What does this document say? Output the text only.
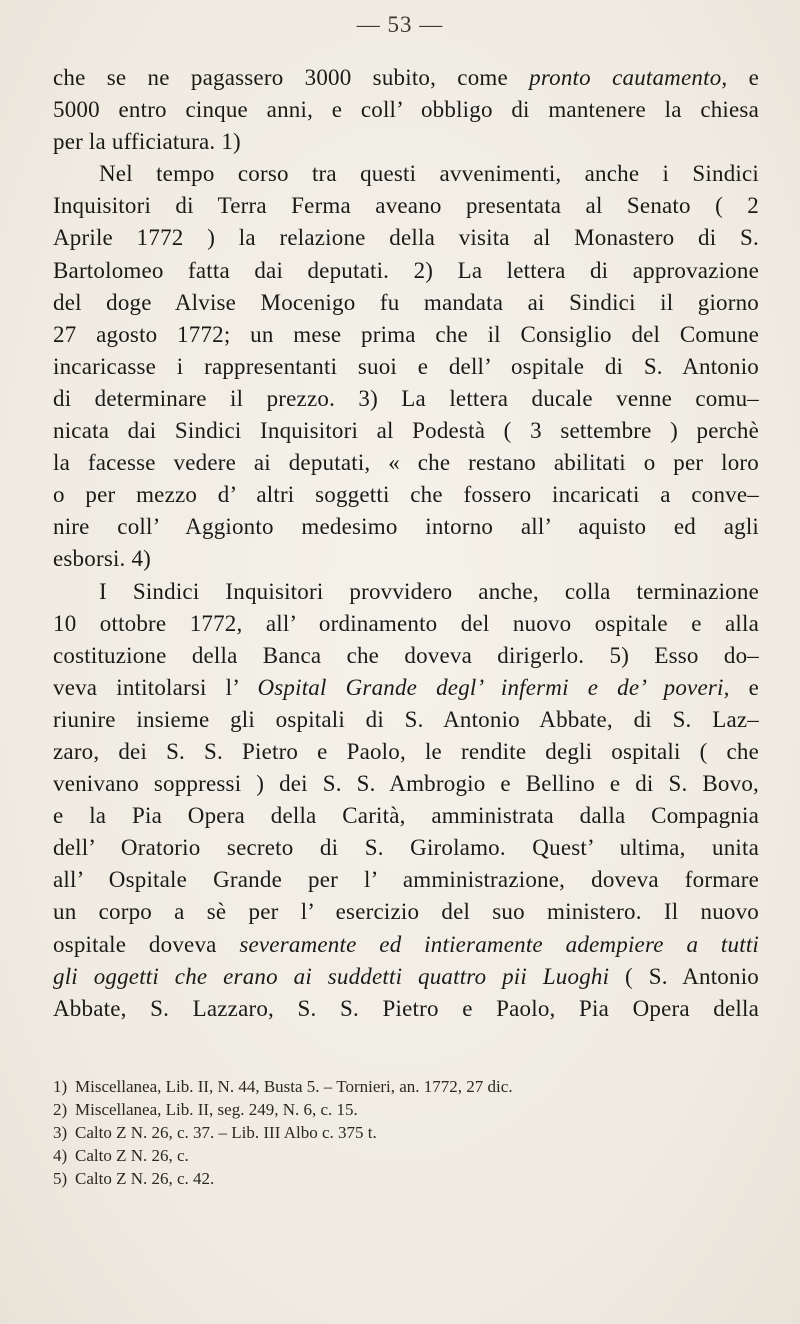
— 53 —
che se ne pagassero 3000 subito, come pronto cautamento, e
5000 entro cinque anni, e coll’ obbligo di mantenere la chiesa
per la ufficiatura. 1)
Nel tempo corso tra questi avvenimenti, anche i Sindici
Inquisitori di Terra Ferma aveano presentata al Senato ( 2
Aprile 1772 ) la relazione della visita al Monastero di S.
Bartolomeo fatta dai deputati. 2) La lettera di approvazione
del doge Alvise Mocenigo fu mandata ai Sindici il giorno
27 agosto 1772; un mese prima che il Consiglio del Comune
incaricasse i rappresentanti suoi e dell’ ospitale di S. Antonio
di determinare il prezzo. 3) La lettera ducale venne comu–
nicata dai Sindici Inquisitori al Podestà ( 3 settembre ) perchè
la facesse vedere ai deputati, « che restano abilitati o per loro
o per mezzo d’ altri soggetti che fossero incaricati a conve–
nire coll’ Aggionto medesimo intorno all’ aquisto ed agli
esborsi. 4)
I Sindici Inquisitori provvidero anche, colla terminazione
10 ottobre 1772, all’ ordinamento del nuovo ospitale e alla
costituzione della Banca che doveva dirigerlo. 5) Esso do–
veva intitolarsi l’ Ospital Grande degl’ infermi e de’ poveri, e
riunire insieme gli ospitali di S. Antonio Abbate, di S. Laz–
zaro, dei S. S. Pietro e Paolo, le rendite degli ospitali ( che
venivano soppressi ) dei S. S. Ambrogio e Bellino e di S. Bovo,
e la Pia Opera della Carità, amministrata dalla Compagnia
dell’ Oratorio secreto di S. Girolamo. Quest’ ultima, unita
all’ Ospitale Grande per l’ amministrazione, doveva formare
un corpo a sè per l’ esercizio del suo ministero. Il nuovo
ospitale doveva severamente ed intieramente adempiere a tutti
gli oggetti che erano ai suddetti quattro pii Luoghi ( S. Antonio
Abbate, S. Lazzaro, S. S. Pietro e Paolo, Pia Opera della
1) Miscellanea, Lib. II, N. 44, Busta 5. – Tornieri, an. 1772, 27 dic.
2) Miscellanea, Lib. II, seg. 249, N. 6, c. 15.
3) Calto Z N. 26, c. 37. – Lib. III Albo c. 375 t.
4) Calto Z N. 26, c.
5) Calto Z N. 26, c. 42.
